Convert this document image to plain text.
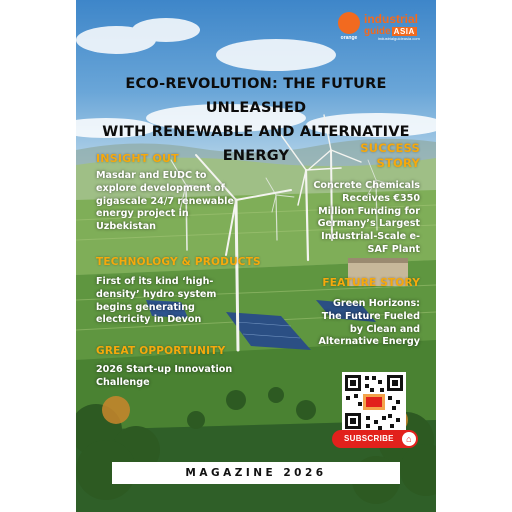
orange
industrial
guide ASIA
industrialguideasia.com
ECO-REVOLUTION: THE FUTURE UNLEASHED
WITH RENEWABLE AND ALTERNATIVE ENERGY
INSIGHT OUT
Masdar and EUDC to
explore development of
gigascale 24/7 renewable
energy project in
Uzbekistan
TECHNOLOGY & PRODUCTS
First of its kind ‘high-
density’ hydro system
begins generating
electricity in Devon
GREAT OPPORTUNITY
2026 Start-up Innovation
Challenge
SUCCESS
STORY
Concrete Chemicals
Receives €350
Million Funding for
Germany’s Largest
Industrial-Scale e-
SAF Plant
FEATURE STORY
Green Horizons:
The Future Fueled
by Clean and
Alternative Energy
SUBSCRIBE	⌂
MAGAZINE 2026
